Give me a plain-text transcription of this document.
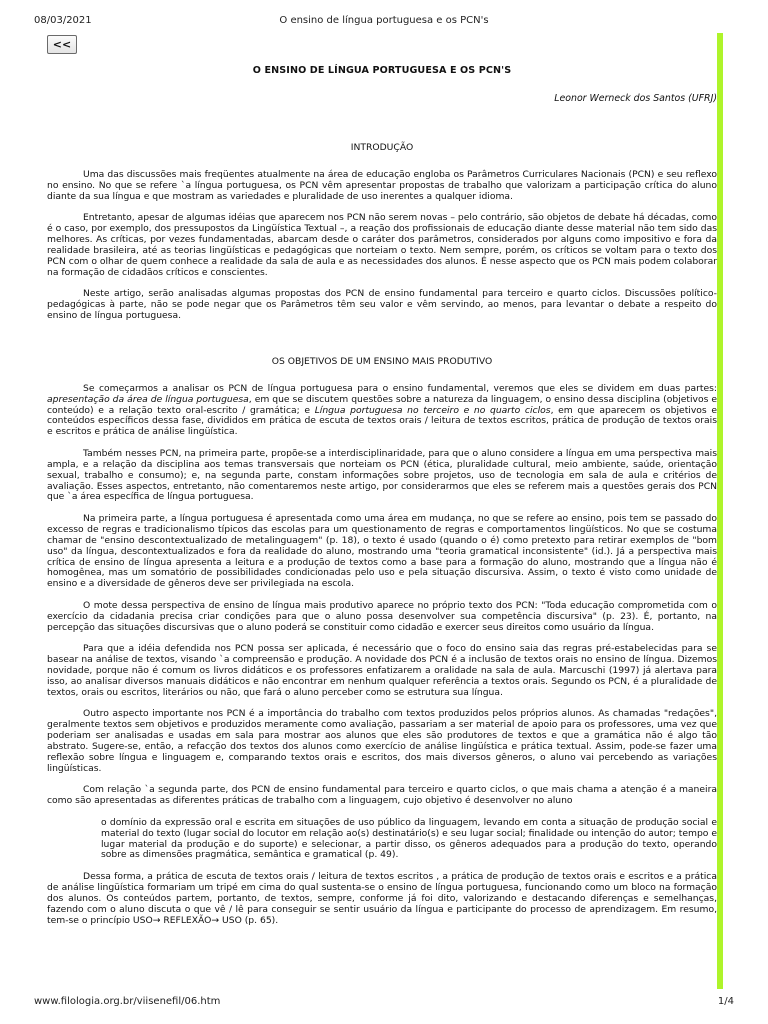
08/03/2021	O ensino de língua portuguesa e os PCN's
<<
O ENSINO DE LÍNGUA PORTUGUESA E OS PCN'S
Leonor Werneck dos Santos (UFRJ)
INTRODUÇÃO

Uma das discussões mais freqüentes atualmente na área de educação engloba os Parâmetros Curriculares Nacionais (PCN) e seu reflexo no ensino. No que se refere `a língua portuguesa, os PCN vêm apresentar propostas de trabalho que valorizam a participação crítica do aluno diante da sua língua e que mostram as variedades e pluralidade de uso inerentes a qualquer idioma.

Entretanto, apesar de algumas idéias que aparecem nos PCN não serem novas – pelo contrário, são objetos de debate há décadas, como é o caso, por exemplo, dos pressupostos da Lingüística Textual –, a reação dos profissionais de educação diante desse material não tem sido das melhores. As críticas, por vezes fundamentadas, abarcam desde o caráter dos parâmetros, considerados por alguns como impositivo e fora da realidade brasileira, até as teorias lingüísticas e pedagógicas que norteiam o texto. Nem sempre, porém, os críticos se voltam para o texto dos PCN com o olhar de quem conhece a realidade da sala de aula e as necessidades dos alunos. É nesse aspecto que os PCN mais podem colaborar na formação de cidadãos críticos e conscientes.

Neste artigo, serão analisadas algumas propostas dos PCN de ensino fundamental para terceiro e quarto ciclos. Discussões político-pedagógicas à parte, não se pode negar que os Parâmetros têm seu valor e vêm servindo, ao menos, para levantar o debate a respeito do ensino de língua portuguesa.

OS OBJETIVOS DE UM ENSINO MAIS PRODUTIVO

Se começarmos a analisar os PCN de língua portuguesa para o ensino fundamental, veremos que eles se dividem em duas partes: apresentação da área de língua portuguesa, em que se discutem questões sobre a natureza da linguagem, o ensino dessa disciplina (objetivos e conteúdo) e a relação texto oral-escrito / gramática; e Língua portuguesa no terceiro e no quarto ciclos, em que aparecem os objetivos e conteúdos específicos dessa fase, divididos em prática de escuta de textos orais / leitura de textos escritos, prática de produção de textos orais e escritos e prática de análise lingüística.

Também nesses PCN, na primeira parte, propõe-se a interdisciplinaridade, para que o aluno considere a língua em uma perspectiva mais ampla, e a relação da disciplina aos temas transversais que norteiam os PCN (ética, pluralidade cultural, meio ambiente, saúde, orientação sexual, trabalho e consumo); e, na segunda parte, constam informações sobre projetos, uso de tecnologia em sala de aula e critérios de avaliação. Esses aspectos, entretanto, não comentaremos neste artigo, por considerarmos que eles se referem mais a questões gerais dos PCN que `a área específica de língua portuguesa.

Na primeira parte, a língua portuguesa é apresentada como uma área em mudança, no que se refere ao ensino, pois tem se passado do excesso de regras e tradicionalismo típicos das escolas para um questionamento de regras e comportamentos lingüísticos. No que se costuma chamar de "ensino descontextualizado de metalinguagem" (p. 18), o texto é usado (quando o é) como pretexto para retirar exemplos de "bom uso" da língua, descontextualizados e fora da realidade do aluno, mostrando uma "teoria gramatical inconsistente" (id.). Já a perspectiva mais crítica de ensino de língua apresenta a leitura e a produção de textos como a base para a formação do aluno, mostrando que a língua não é homogênea, mas um somatório de possibilidades condicionadas pelo uso e pela situação discursiva. Assim, o texto é visto como unidade de ensino e a diversidade de gêneros deve ser privilegiada na escola.

O mote dessa perspectiva de ensino de língua mais produtivo aparece no próprio texto dos PCN: "Toda educação comprometida com o exercício da cidadania precisa criar condições para que o aluno possa desenvolver sua competência discursiva" (p. 23). É, portanto, na percepção das situações discursivas que o aluno poderá se constituir como cidadão e exercer seus direitos como usuário da língua.

Para que a idéia defendida nos PCN possa ser aplicada, é necessário que o foco do ensino saia das regras pré-estabelecidas para se basear na análise de textos, visando `a compreensão e produção. A novidade dos PCN é a inclusão de textos orais no ensino de língua. Dizemos novidade, porque não é comum os livros didáticos e os professores enfatizarem a oralidade na sala de aula. Marcuschi (1997) já alertava para isso, ao analisar diversos manuais didáticos e não encontrar em nenhum qualquer referência a textos orais. Segundo os PCN, é a pluralidade de textos, orais ou escritos, literários ou não, que fará o aluno perceber como se estrutura sua língua.

Outro aspecto importante nos PCN é a importância do trabalho com textos produzidos pelos próprios alunos. As chamadas "redações", geralmente textos sem objetivos e produzidos meramente como avaliação, passariam a ser material de apoio para os professores, uma vez que poderiam ser analisadas e usadas em sala para mostrar aos alunos que eles são produtores de textos e que a gramática não é algo tão abstrato. Sugere-se, então, a refacção dos textos dos alunos como exercício de análise lingüística e prática textual. Assim, pode-se fazer uma reflexão sobre língua e linguagem e, comparando textos orais e escritos, dos mais diversos gêneros, o aluno vai percebendo as variações lingüísticas.

Com relação `a segunda parte, dos PCN de ensino fundamental para terceiro e quarto ciclos, o que mais chama a atenção é a maneira como são apresentadas as diferentes práticas de trabalho com a linguagem, cujo objetivo é desenvolver no aluno

o domínio da expressão oral e escrita em situações de uso público da linguagem, levando em conta a situação de produção social e material do texto (lugar social do locutor em relação ao(s) destinatário(s) e seu lugar social; finalidade ou intenção do autor; tempo e lugar material da produção e do suporte) e selecionar, a partir disso, os gêneros adequados para a produção do texto, operando sobre as dimensões pragmática, semântica e gramatical (p. 49).

Dessa forma, a prática de escuta de textos orais / leitura de textos escritos , a prática de produção de textos orais e escritos e a prática de análise lingüística formariam um tripé em cima do qual sustenta-se o ensino de língua portuguesa, funcionando como um bloco na formação dos alunos. Os conteúdos partem, portanto, de textos, sempre, conforme já foi dito, valorizando e destacando diferenças e semelhanças, fazendo com o aluno discuta o que vê / lê para conseguir se sentir usuário da língua e participante do processo de aprendizagem. Em resumo, tem-se o princípio USO→ REFLEXÃO→ USO (p. 65).

www.filologia.org.br/viisenefil/06.htm	1/4
